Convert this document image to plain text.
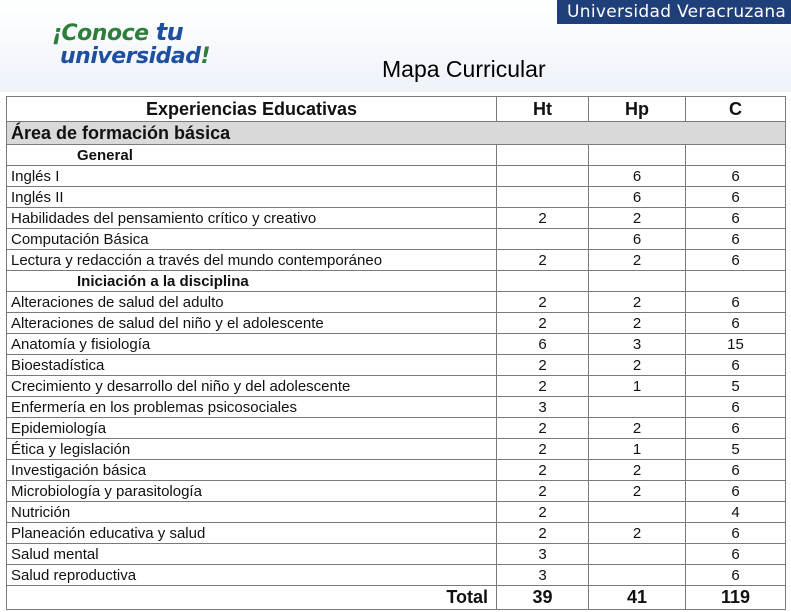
¡Conoce tu
universidad!
Universidad Veracruzana
Mapa Curricular
Experiencias Educativas	Ht	Hp	C
Área de formación básica			
General			
Inglés I		6	6
Inglés II		6	6
Habilidades del pensamiento crítico y creativo	2	2	6
Computación Básica		6	6
Lectura y redacción a través del mundo contemporáneo	2	2	6
Iniciación a la disciplina			
Alteraciones de salud del adulto	2	2	6
Alteraciones de salud del niño y el adolescente	2	2	6
Anatomía y fisiología	6	3	15
Bioestadística	2	2	6
Crecimiento y desarrollo del niño y del adolescente	2	1	5
Enfermería en los problemas psicosociales	3		6
Epidemiología	2	2	6
Ética y legislación	2	1	5
Investigación básica	2	2	6
Microbiología y parasitología	2	2	6
Nutrición	2		4
Planeación educativa y salud	2	2	6
Salud mental	3		6
Salud reproductiva	3		6
Total	39	41	119
